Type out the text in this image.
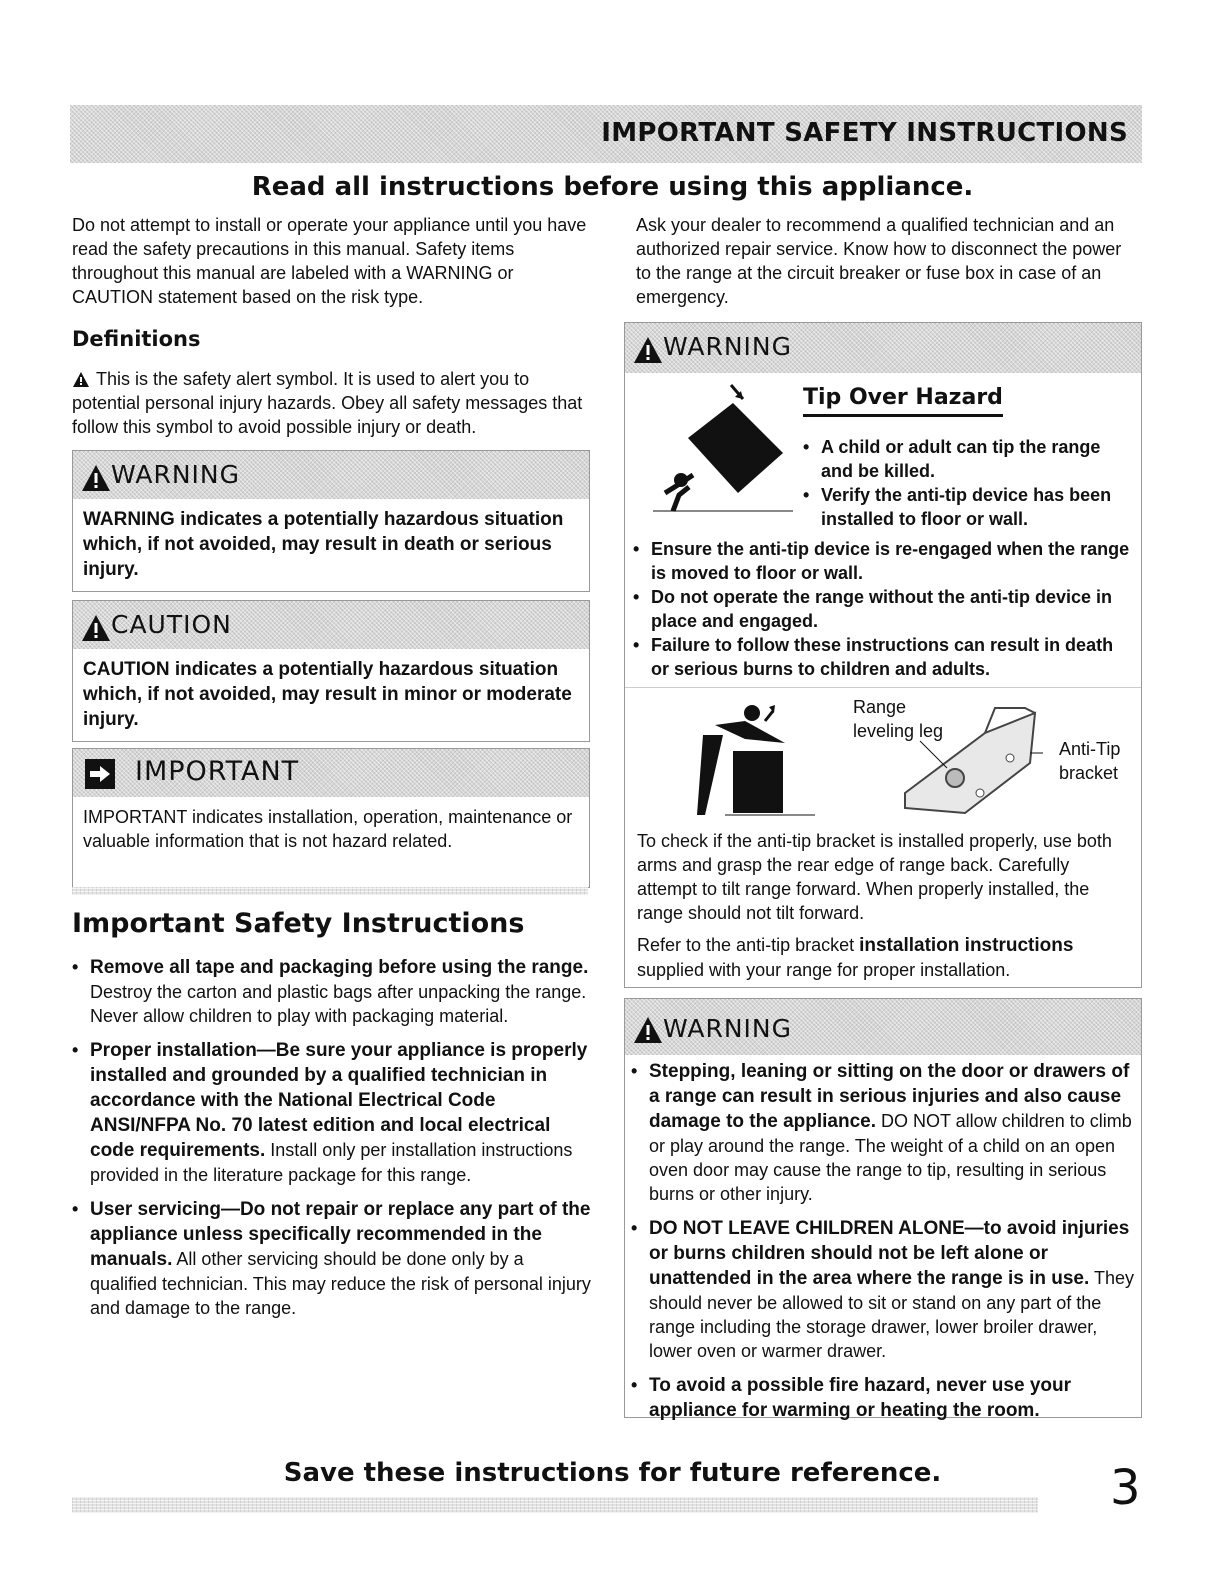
IMPORTANT SAFETY INSTRUCTIONS
Read all instructions before using this appliance.
Do not attempt to install or operate your appliance until you have read the safety precautions in this manual. Safety items throughout this manual are labeled with a WARNING or CAUTION statement based on the risk type.
Ask your dealer to recommend a qualified technician and an authorized repair service. Know how to disconnect the power to the range at the circuit breaker or fuse box in case of an emergency.
Definitions
This is the safety alert symbol. It is used to alert you to potential personal injury hazards. Obey all safety messages that follow this symbol to avoid possible injury or death.
WARNING
WARNING indicates a potentially hazardous situation which, if not avoided, may result in death or serious injury.
CAUTION
CAUTION indicates a potentially hazardous situation which, if not avoided, may result in minor or moderate injury.
IMPORTANT
IMPORTANT indicates installation, operation, maintenance or valuable information that is not hazard related.
Important Safety Instructions
• Remove all tape and packaging before using the range. Destroy the carton and plastic bags after unpacking the range. Never allow children to play with packaging material.
• Proper installation—Be sure your appliance is properly installed and grounded by a qualified technician in accordance with the National Electrical Code ANSI/NFPA No. 70 latest edition and local electrical code requirements. Install only per installation instructions provided in the literature package for this range.
• User servicing—Do not repair or replace any part of the appliance unless specifically recommended in the manuals. All other servicing should be done only by a qualified technician. This may reduce the risk of personal injury and damage to the range.
WARNING
Tip Over Hazard
• A child or adult can tip the range and be killed.
• Verify the anti-tip device has been installed to floor or wall.
• Ensure the anti-tip device is re-engaged when the range is moved to floor or wall.
• Do not operate the range without the anti-tip device in place and engaged.
• Failure to follow these instructions can result in death or serious burns to children and adults.
Range
leveling leg
Anti-Tip
bracket
To check if the anti-tip bracket is installed properly, use both arms and grasp the rear edge of range back. Carefully attempt to tilt range forward. When properly installed, the range should not tilt forward.
Refer to the anti-tip bracket installation instructions supplied with your range for proper installation.
WARNING
• Stepping, leaning or sitting on the door or drawers of a range can result in serious injuries and also cause damage to the appliance. DO NOT allow children to climb or play around the range. The weight of a child on an open oven door may cause the range to tip, resulting in serious burns or other injury.
• DO NOT LEAVE CHILDREN ALONE—to avoid injuries or burns children should not be left alone or unattended in the area where the range is in use. They should never be allowed to sit or stand on any part of the range including the storage drawer, lower broiler drawer, lower oven or warmer drawer.
• To avoid a possible fire hazard, never use your appliance for warming or heating the room.
Save these instructions for future reference.	3
